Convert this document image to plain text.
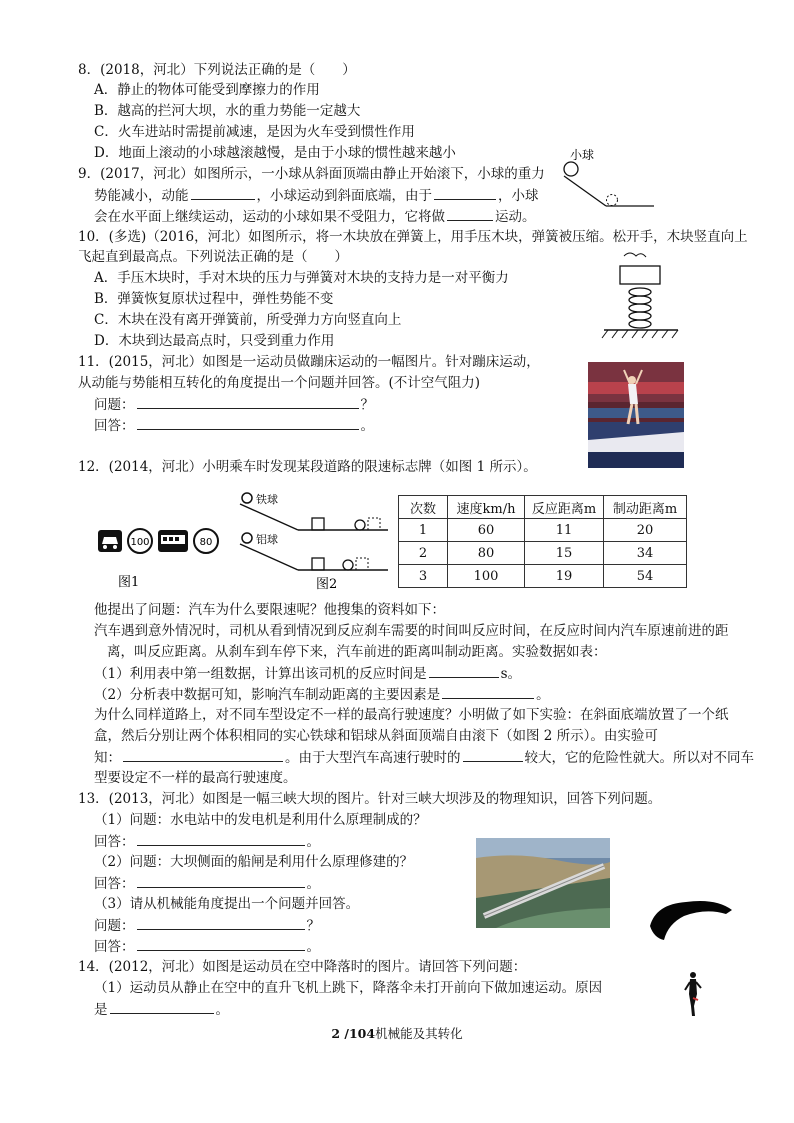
8．(2018，河北）下列说法正确的是（　　）
A．静止的物体可能受到摩擦力的作用
B．越高的拦河大坝，水的重力势能一定越大
C．火车进站时需提前减速，是因为火车受到惯性作用
D．地面上滚动的小球越滚越慢，是由于小球的惯性越来越小
9．(2017，河北）如图所示，一小球从斜面顶端由静止开始滚下，小球的重力
势能减小，动能	，小球运动到斜面底端，由于	，小球
会在水平面上继续运动，运动的小球如果不受阻力，它将做	运动。
小球
10．(多选)（2016，河北）如图所示，将一木块放在弹簧上，用手压木块，弹簧被压缩。松开手，木块竖直向上
飞起直到最高点。下列说法正确的是（　　）
A．手压木块时，手对木块的压力与弹簧对木块的支持力是一对平衡力
B．弹簧恢复原状过程中，弹性势能不变
C．木块在没有离开弹簧前，所受弹力方向竖直向上
D．木块到达最高点时，只受到重力作用
11．(2015，河北）如图是一运动员做蹦床运动的一幅图片。针对蹦床运动，
从动能与势能相互转化的角度提出一个问题并回答。(不计空气阻力)
问题：	？
回答：	。
12．(2014，河北）小明乘车时发现某段道路的限速标志牌（如图 1 所示）。
100	80
图1
铁球
铝球
图2
次数	速度km/h	反应距离m	制动距离m
1	60	11	20
2	80	15	34
3	100	19	54
他提出了问题：汽车为什么要限速呢？他搜集的资料如下：
汽车遇到意外情况时，司机从看到情况到反应刹车需要的时间叫反应时间，在反应时间内汽车原速前进的距
离，叫反应距离。从刹车到车停下来，汽车前进的距离叫制动距离。实验数据如表：
（1）利用表中第一组数据，计算出该司机的反应时间是	s。
（2）分析表中数据可知，影响汽车制动距离的主要因素是	。
为什么同样道路上，对不同车型设定不一样的最高行驶速度？小明做了如下实验：在斜面底端放置了一个纸
盒，然后分别让两个体积相同的实心铁球和铝球从斜面顶端自由滚下（如图 2 所示）。由实验可
知：	。由于大型汽车高速行驶时的	较大，它的危险性就大。所以对不同车
型要设定不一样的最高行驶速度。
13．(2013，河北）如图是一幅三峡大坝的图片。针对三峡大坝涉及的物理知识，回答下列问题。
（1）问题：水电站中的发电机是利用什么原理制成的？
回答：	。
（2）问题：大坝侧面的船闸是利用什么原理修建的？
回答：	。
（3）请从机械能角度提出一个问题并回答。
问题：	？
回答：	。
14．(2012，河北）如图是运动员在空中降落时的图片。请回答下列问题：
（1）运动员从静止在空中的直升飞机上跳下，降落伞未打开前向下做加速运动。原因
是	。
2 /104机械能及其转化
